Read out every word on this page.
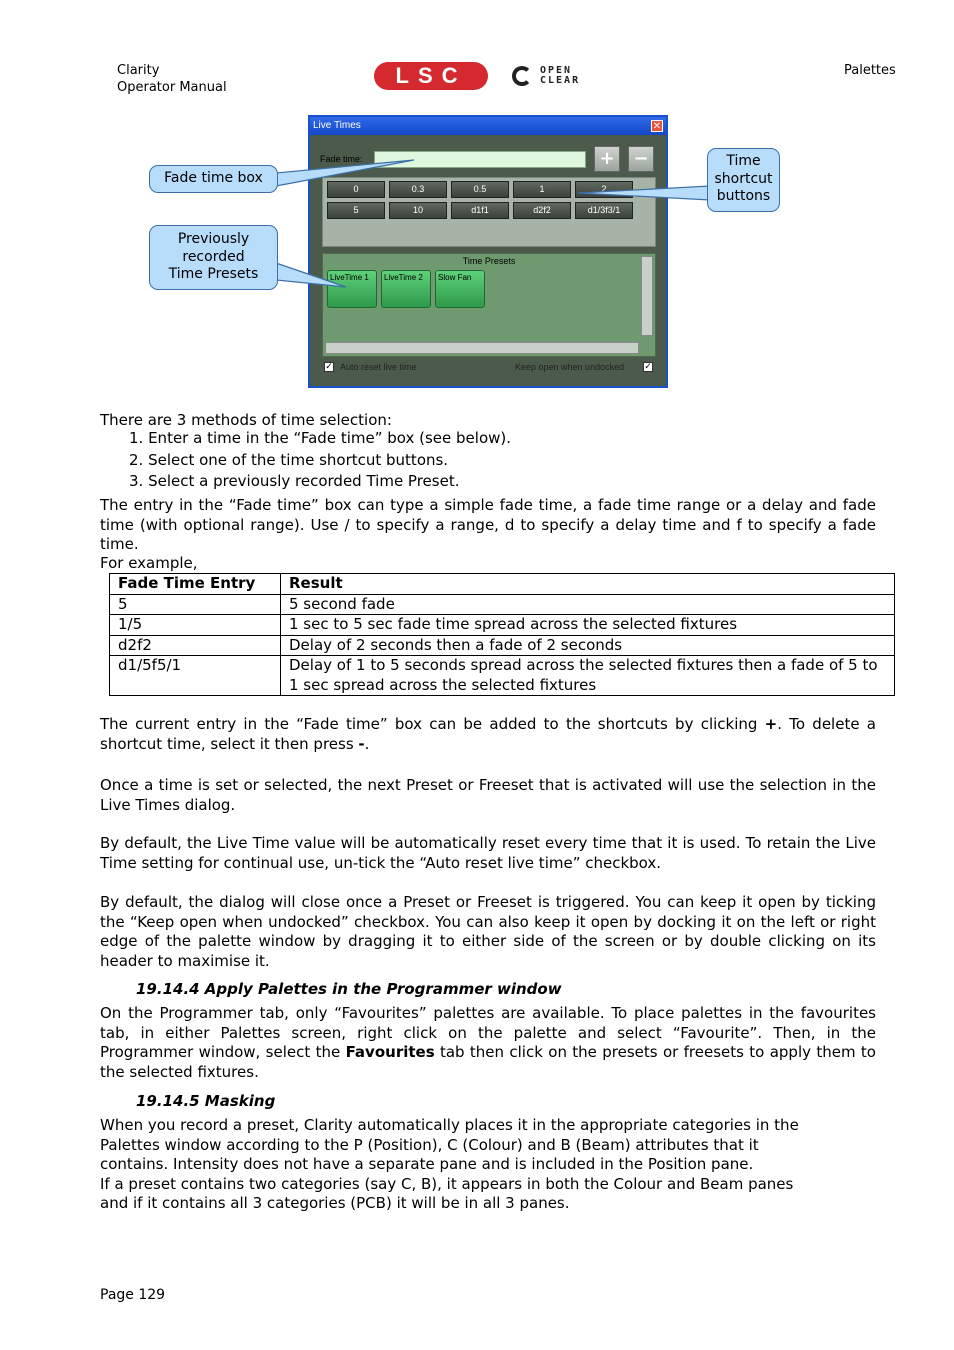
Clarity
Operator Manual
Palettes
LSC	OPEN
CLEAR
Live Times	✕
Fade time:	+	−
0	0.3	0.5	1	2
5	10	d1f1	d2f2	d1/3f3/1
Time Presets
LiveTime 1	LiveTime 2	Slow Fan
✓ Auto reset live time	Keep open when undocked ✓
Fade time box
Previously
recorded
Time Presets
Time
shortcut
buttons
There are 3 methods of time selection:
1. Enter a time in the “Fade time” box (see below).
2. Select one of the time shortcut buttons.
3. Select a previously recorded Time Preset.
The entry in the “Fade time” box can type a simple fade time, a fade time range or a delay and fade time (with optional range). Use / to specify a range, d to specify a delay time and f to specify a fade time.
For example,
Fade Time Entry	Result
5	5 second fade
1/5	1 sec to 5 sec fade time spread across the selected fixtures
d2f2	Delay of 2 seconds then a fade of 2 seconds
d1/5f5/1	Delay of 1 to 5 seconds spread across the selected fixtures then a fade of 5 to 1 sec spread across the selected fixtures
The current entry in the “Fade time” box can be added to the shortcuts by clicking +. To delete a shortcut time, select it then press -.
Once a time is set or selected, the next Preset or Freeset that is activated will use the selection in the Live Times dialog.
By default, the Live Time value will be automatically reset every time that it is used. To retain the Live Time setting for continual use, un-tick the “Auto reset live time” checkbox.
By default, the dialog will close once a Preset or Freeset is triggered. You can keep it open by ticking the “Keep open when undocked” checkbox. You can also keep it open by docking it on the left or right edge of the palette window by dragging it to either side of the screen or by double clicking on its header to maximise it.
19.14.4 Apply Palettes in the Programmer window
On the Programmer tab, only “Favourites” palettes are available. To place palettes in the favourites tab, in either Palettes screen, right click on the palette and select “Favourite”. Then, in the Programmer window, select the Favourites tab then click on the presets or freesets to apply them to the selected fixtures.
19.14.5 Masking
When you record a preset, Clarity automatically places it in the appropriate categories in the
Palettes window according to the P (Position), C (Colour) and B (Beam) attributes that it
contains. Intensity does not have a separate pane and is included in the Position pane.
If a preset contains two categories (say C, B), it appears in both the Colour and Beam panes
and if it contains all 3 categories (PCB) it will be in all 3 panes.
Page 129
